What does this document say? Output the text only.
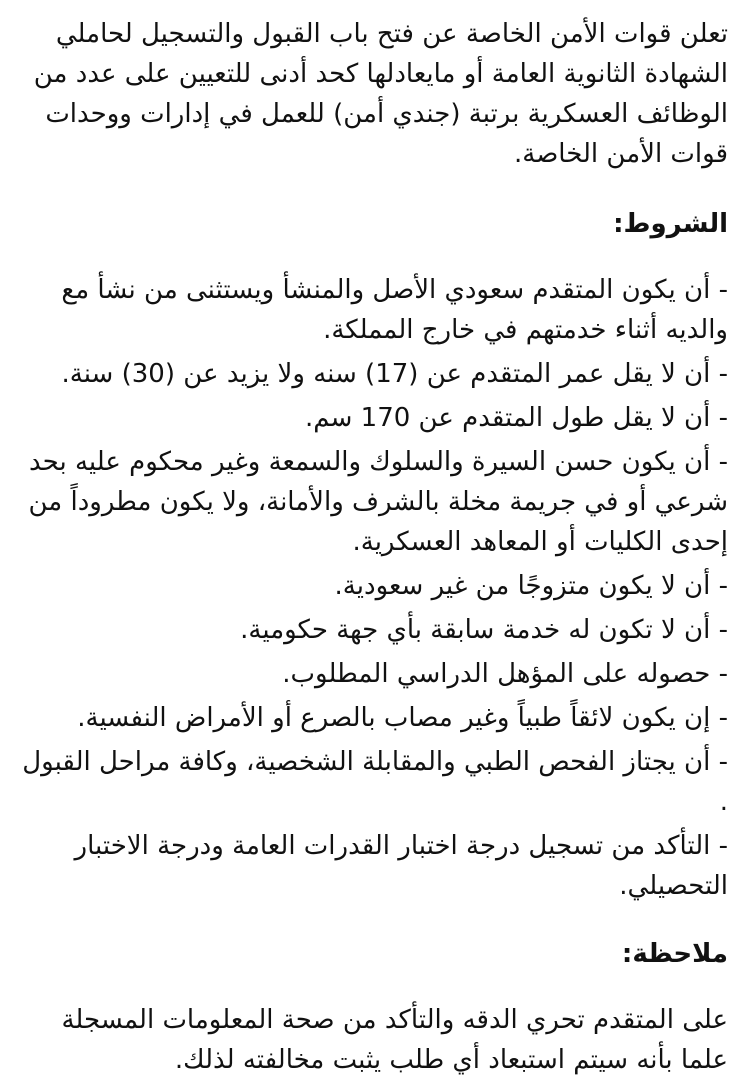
تعلن قوات الأمن الخاصة عن فتح باب القبول والتسجيل لحاملي الشهادة الثانوية العامة أو مايعادلها كحد أدنى للتعيين على عدد من الوظائف العسكرية برتبة (جندي أمن) للعمل في إدارات ووحدات قوات الأمن الخاصة.

الشروط:
- أن يكون المتقدم سعودي الأصل والمنشأ ويستثنى من نشأ مع والديه أثناء خدمتهم في خارج المملكة.
- أن لا يقل عمر المتقدم عن (17) سنه ولا يزيد عن (30) سنة.
- أن لا يقل طول المتقدم عن 170 سم.
- أن يكون حسن السيرة والسلوك والسمعة وغير محكوم عليه بحد شرعي أو في جريمة مخلة بالشرف والأمانة، ولا يكون مطروداً من إحدى الكليات أو المعاهد العسكرية.
- أن لا يكون متزوجًا من غير سعودية.
- أن لا تكون له خدمة سابقة بأي جهة حكومية.
- حصوله على المؤهل الدراسي المطلوب.
- إن يكون لائقاً طبياً وغير مصاب بالصرع أو الأمراض النفسية.
- أن يجتاز الفحص الطبي والمقابلة الشخصية، وكافة مراحل القبول .
- التأكد من تسجيل درجة اختبار القدرات العامة ودرجة الاختبار التحصيلي.
ملاحظة:

على المتقدم تحري الدقه والتأكد من صحة المعلومات المسجلة علما بأنه سيتم استبعاد أي طلب يثبت مخالفته لذلك.
